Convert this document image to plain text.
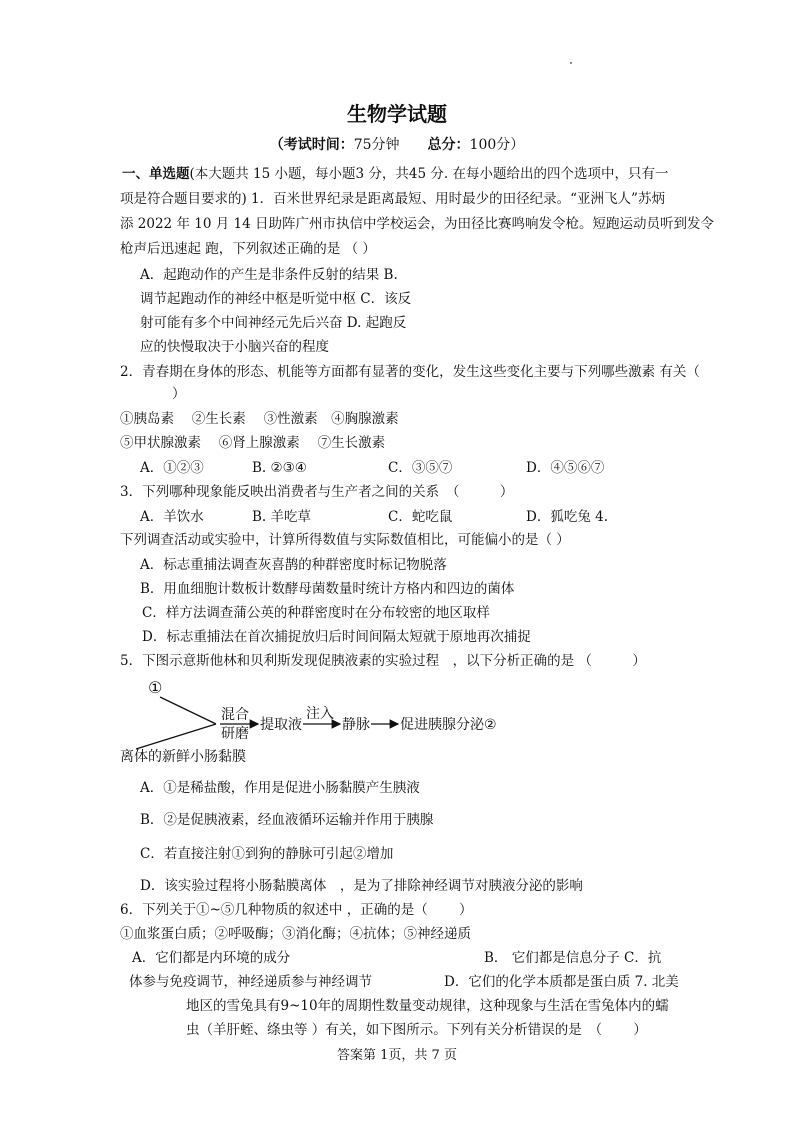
生物学试题
（考试时间：75分钟　　 总分：100分）
一、单选题(本大题共 15 小题，每小题3 分，共45 分. 在每小题给出的四个选项中，只有一
项是符合题目要求的) 1．百米世界纪录是距离最短、用时最少的田径纪录。“亚洲飞人”苏炳
添 2022 年 10 月 14 日助阵广州市执信中学校运会，为田径比赛鸣响发令枪。短跑运动员听到发令
枪声后迅速起 跑，下列叙述正确的是 （ ）
A．起跑动作的产生是非条件反射的结果 B.
调节起跑动作的神经中枢是听觉中枢 C．该反
射可能有多个中间神经元先后兴奋 D. 起跑反
应的快慢取决于小脑兴奋的程度
2．青春期在身体的形态、机能等方面都有显著的变化，发生这些变化主要与下列哪些激素 有关（
）
①胰岛素　 ②生长素　 ③性激素　④胸腺激素
⑤甲状腺激素　 ⑥肾上腺激素　 ⑦生长激素
A．①②③	B. ②③④	C．③⑤⑦	D．④⑤⑥⑦
3．下列哪种现象能反映出消费者与生产者之间的关系　（　　　）
A．羊饮水	B. 羊吃草	C．蛇吃鼠	D．狐吃兔 4.
下列调查活动或实验中，计算所得数值与实际数值相比，可能偏小的是（ ）
A．标志重捕法调查灰喜鹊的种群密度时标记物脱落
B．用血细胞计数板计数酵母菌数量时统计方格内和四边的菌体
C．样方法调查蒲公英的种群密度时在分布较密的地区取样
D．标志重捕法在首次捕捉放归后时间间隔太短就于原地再次捕捉
5．下图示意斯他林和贝利斯发现促胰液素的实验过程　，以下分析正确的是 （　　　）
①
混合
研磨
提取液
注入
静脉 促进胰腺分泌②
离体的新鲜小肠黏膜
A．①是稀盐酸，作用是促进小肠黏膜产生胰液
B．②是促胰液素，经血液循环运输并作用于胰腺
C．若直接注射①到狗的静脉可引起②增加
D．该实验过程将小肠黏膜离体　，是为了排除神经调节对胰液分泌的影响
6．下列关于①~⑤几种物质的叙述中 ，正确的是（　　 ）
①血浆蛋白质；②呼吸酶；③消化酶；④抗体；⑤神经递质
A．它们都是内环境的成分	B． 它们都是信息分子 C．抗
体参与免疫调节，神经递质参与神经调节	D．它们的化学本质都是蛋白质 7. 北美
地区的雪兔具有9~10年的周期性数量变动规律，这种现象与生活在雪兔体内的蠕
虫（羊肝蛭、绦虫等 ）有关，如下图所示。下列有关分析错误的是　（　　 ）
答案第 1页，共 7 页
